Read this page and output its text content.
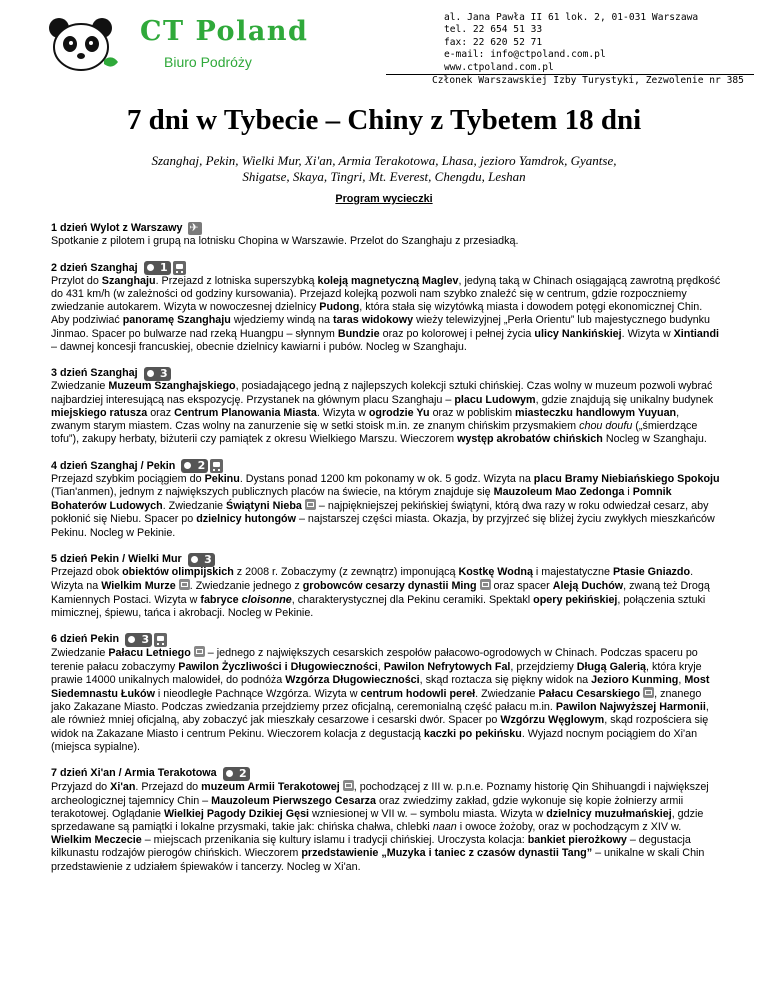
CT Poland
Biuro Podróży
al. Jana Pawła II 61 lok. 2, 01-031 Warszawa
tel. 22 654 51 33
fax: 22 620 52 71
e-mail: info@ctpoland.com.pl
www.ctpoland.com.pl
Członek Warszawskiej Izby Turystyki, Zezwolenie nr 385
7 dni w Tybecie – Chiny z Tybetem 18 dni
Szanghaj, Pekin, Wielki Mur, Xi'an, Armia Terakotowa, Lhasa, jezioro Yamdrok, Gyantse,
Shigatse, Skaya, Tingri, Mt. Everest, Chengdu, Leshan
Program wycieczki
1 dzień Wylot z Warszawy
✈

Spotkanie z pilotem i grupą na lotnisku Chopina w Warszawie. Przelot do Szanghaju z przesiadką.

2 dzień Szanghaj 1

Przylot do Szanghaju. Przejazd z lotniska superszybką koleją magnetyczną Maglev, jedyną taką w Chinach osiągającą zawrotną prędkość do 431 km/h (w zależności od godziny kursowania). Przejazd kolejką pozwoli nam szybko znaleźć się w centrum, gdzie rozpoczniemy zwiedzanie autokarem. Wizyta w nowoczesnej dzielnicy Pudong, która stała się wizytówką miasta i dowodem potęgi ekonomicznej Chin. Aby podziwiać panoramę Szanghaju wjedziemy windą na taras widokowy wieży telewizyjnej „Perła Orientu” lub majestycznego budynku Jinmao. Spacer po bulwarze nad rzeką Huangpu – słynnym Bundzie oraz po kolorowej i pełnej życia ulicy Nankińskiej. Wizyta w Xintiandi – dawnej koncesji francuskiej, obecnie dzielnicy kawiarni i pubów. Nocleg w Szanghaju.

3 dzień Szanghaj 3

Zwiedzanie Muzeum Szanghajskiego, posiadającego jedną z najlepszych kolekcji sztuki chińskiej. Czas wolny w muzeum pozwoli wybrać najbardziej interesującą nas ekspozycję. Przystanek na głównym placu Szanghaju – placu Ludowym, gdzie znajdują się unikalny budynek miejskiego ratusza oraz Centrum Planowania Miasta. Wizyta w ogrodzie Yu oraz w pobliskim miasteczku handlowym Yuyuan, zwanym starym miastem. Czas wolny na zanurzenie się w setki stoisk m.in. ze znanym chińskim przysmakiem chou doufu („śmierdzące tofu”), zakupy herbaty, biżuterii czy pamiątek z okresu Wielkiego Marszu. Wieczorem występ akrobatów chińskich Nocleg w Szanghaju.

4 dzień Szanghaj / Pekin 2

Przejazd szybkim pociągiem do Pekinu. Dystans ponad 1200 km pokonamy w ok. 5 godz. Wizyta na placu Bramy Niebiańskiego Spokoju (Tian'anmen), jednym z największych publicznych placów na świecie, na którym znajduje się Mauzoleum Mao Zedonga i Pomnik Bohaterów Ludowych. Zwiedzanie Świątyni Nieba  – najpiękniejszej pekińskiej świątyni, którą dwa razy w roku odwiedzał cesarz, aby pokłonić się Niebu. Spacer po dzielnicy hutongów – najstarszej części miasta. Okazja, by przyjrzeć się bliżej życiu zwykłych mieszkańców Pekinu. Nocleg w Pekinie.

5 dzień Pekin / Wielki Mur 3

Przejazd obok obiektów olimpijskich z 2008 r. Zobaczymy (z zewnątrz) imponującą Kostkę Wodną i majestatyczne Ptasie Gniazdo. Wizyta na Wielkim Murze . Zwiedzanie jednego z grobowców cesarzy dynastii Ming  oraz spacer Aleją Duchów, zwaną też Drogą Kamiennych Postaci. Wizyta w fabryce cloisonne, charakterystycznej dla Pekinu ceramiki. Spektakl opery pekińskiej, połączenia sztuki mimicznej, śpiewu, tańca i akrobacji. Nocleg w Pekinie.

6 dzień Pekin 3

Zwiedzanie Pałacu Letniego  – jednego z największych cesarskich zespołów pałacowo-ogrodowych w Chinach. Podczas spaceru po terenie pałacu zobaczymy Pawilon Życzliwości i Długowieczności, Pawilon Nefrytowych Fal, przejdziemy Długą Galerią, która kryje prawie 14000 unikalnych malowideł, do podnóża Wzgórza Długowieczności, skąd roztacza się piękny widok na Jezioro Kunming, Most Siedemnastu Łuków i nieodległe Pachnące Wzgórza. Wizyta w centrum hodowli pereł. Zwiedzanie Pałacu Cesarskiego , znanego jako Zakazane Miasto. Podczas zwiedzania przejdziemy przez oficjalną, ceremonialną część pałacu m.in. Pawilon Najwyższej Harmonii, ale również mniej oficjalną, aby zobaczyć jak mieszkały cesarzowe i cesarski dwór. Spacer po Wzgórzu Węglowym, skąd rozpościera się widok na Zakazane Miasto i centrum Pekinu. Wieczorem kolacja z degustacją kaczki po pekińsku. Wyjazd nocnym pociągiem do Xi'an (miejsca sypialne).

7 dzień Xi'an / Armia Terakotowa 2

Przyjazd do Xi'an. Przejazd do muzeum Armii Terakotowej , pochodzącej z III w. p.n.e. Poznamy historię Qin Shihuangdi i największej archeologicznej tajemnicy Chin – Mauzoleum Pierwszego Cesarza oraz zwiedzimy zakład, gdzie wykonuje się kopie żołnierzy armii terakotowej. Oglądanie Wielkiej Pagody Dzikiej Gęsi wzniesionej w VII w. – symbolu miasta. Wizyta w dzielnicy muzułmańskiej, gdzie sprzedawane są pamiątki i lokalne przysmaki, takie jak: chińska chałwa, chlebki naan i owoce żożoby, oraz w pochodzącym z XIV w. Wielkim Meczecie – miejscach przenikania się kultury islamu i tradycji chińskiej. Uroczysta kolacja: bankiet pierożkowy – degustacja kilkunastu rodzajów pierogów chińskich. Wieczorem przedstawienie „Muzyka i taniec z czasów dynastii Tang” – unikalne w skali Chin przedstawienie z udziałem śpiewaków i tancerzy. Nocleg w Xi'an.
